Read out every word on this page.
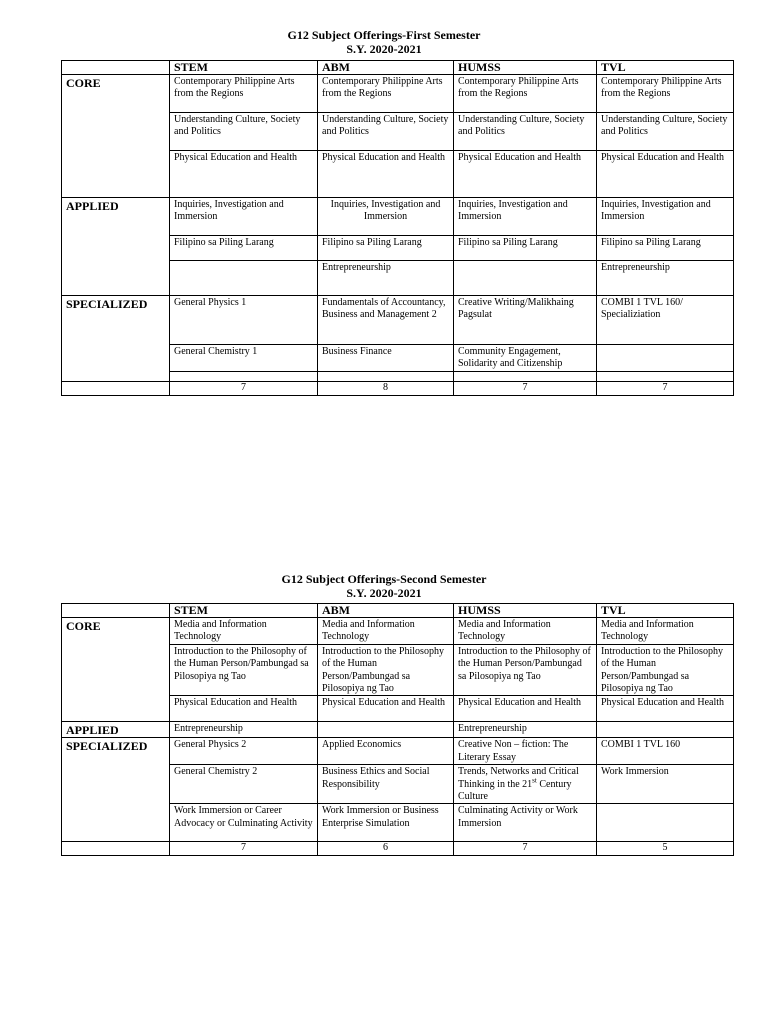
G12 Subject Offerings-First Semester
S.Y. 2020-2021
	STEM	ABM	HUMSS	TVL
CORE	Contemporary Philippine Arts from the Regions	Contemporary Philippine Arts from the Regions	Contemporary Philippine Arts from the Regions	Contemporary Philippine Arts from the Regions
	Understanding Culture, Society and Politics	Understanding Culture, Society and Politics	Understanding Culture, Society and Politics	Understanding Culture, Society and Politics
	Physical Education and Health	Physical Education and Health	Physical Education and Health	Physical Education and Health
APPLIED	Inquiries, Investigation and Immersion	Inquiries, Investigation and Immersion	Inquiries, Investigation and Immersion	Inquiries, Investigation and Immersion
	Filipino sa Piling Larang	Filipino sa Piling Larang	Filipino sa Piling Larang	Filipino sa Piling Larang
		Entrepreneurship		Entrepreneurship
SPECIALIZED	General Physics 1	Fundamentals of Accountancy, Business and Management 2	Creative Writing/Malikhaing Pagsulat	COMBI 1 TVL 160/ Specializiation
	General Chemistry 1	Business Finance	Community Engagement, Solidarity and Citizenship	

	7	8	7	7
G12 Subject Offerings-Second Semester
S.Y. 2020-2021
	STEM	ABM	HUMSS	TVL
CORE	Media and Information Technology	Media and Information Technology	Media and Information Technology	Media and Information Technology
	Introduction to the Philosophy of the Human Person/Pambungad sa Pilosopiya ng Tao	Introduction to the Philosophy of the Human Person/Pambungad sa Pilosopiya ng Tao	Introduction to the Philosophy of the Human Person/Pambungad sa Pilosopiya ng Tao	Introduction to the Philosophy of the Human Person/Pambungad sa Pilosopiya ng Tao
	Physical Education and Health	Physical Education and Health	Physical Education and Health	Physical Education and Health
APPLIED	Entrepreneurship		Entrepreneurship	
SPECIALIZED	General Physics 2	Applied Economics	Creative Non – fiction: The Literary Essay	COMBI 1 TVL 160
	General Chemistry 2	Business Ethics and Social Responsibility	Trends, Networks and Critical Thinking in the 21st Century Culture	Work Immersion
	Work Immersion or Career Advocacy or Culminating Activity	Work Immersion or Business Enterprise Simulation	Culminating Activity or Work Immersion	
	7	6	7	5
